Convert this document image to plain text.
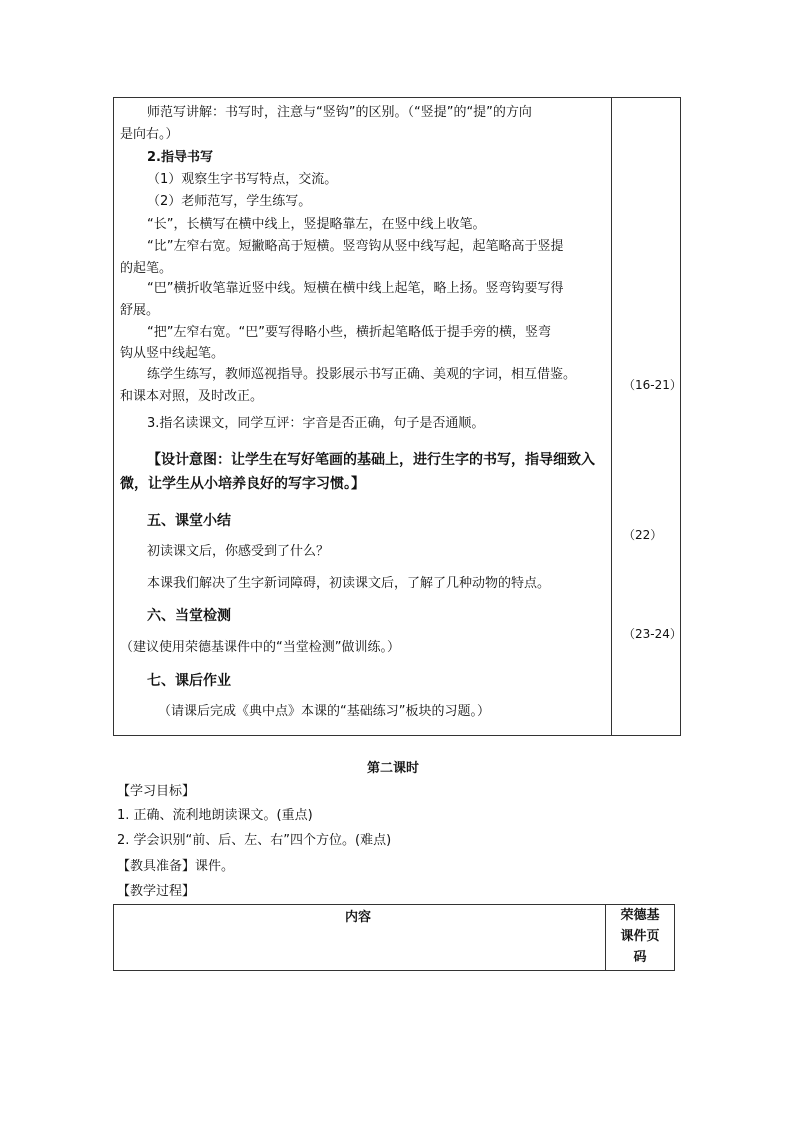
师范写讲解：书写时，注意与“竖钩”的区别。（“竖提”的“提”的方向
是向右。）
2.指导书写
（1）观察生字书写特点，交流。
（2）老师范写，学生练写。
“长”，长横写在横中线上，竖提略靠左，在竖中线上收笔。
“比”左窄右宽。短撇略高于短横。竖弯钩从竖中线写起，起笔略高于竖提
的起笔。
“巴”横折收笔靠近竖中线。短横在横中线上起笔，略上扬。竖弯钩要写得
舒展。
“把”左窄右宽。“巴”要写得略小些，横折起笔略低于提手旁的横，竖弯
钩从竖中线起笔。
练学生练写，教师巡视指导。投影展示书写正确、美观的字词，相互借鉴。
和课本对照，及时改正。
3.指名读课文，同学互评：字音是否正确，句子是否通顺。
【设计意图：让学生在写好笔画的基础上，进行生字的书写，指导细致入
微，让学生从小培养良好的写字习惯。】
五、课堂小结
初读课文后，你感受到了什么？
本课我们解决了生字新词障碍，初读课文后，了解了几种动物的特点。
六、当堂检测
（建议使用荣德基课件中的“当堂检测”做训练。）
七、课后作业
（请课后完成《典中点》本课的“基础练习”板块的习题。）
（16-21）
（22）
（23-24）
第二课时
【学习目标】
1. 正确、流利地朗读课文。(重点)
2. 学会识别“前、后、左、右”四个方位。(难点)
【教具准备】课件。
【教学过程】
内容	荣德基
课件页
码
